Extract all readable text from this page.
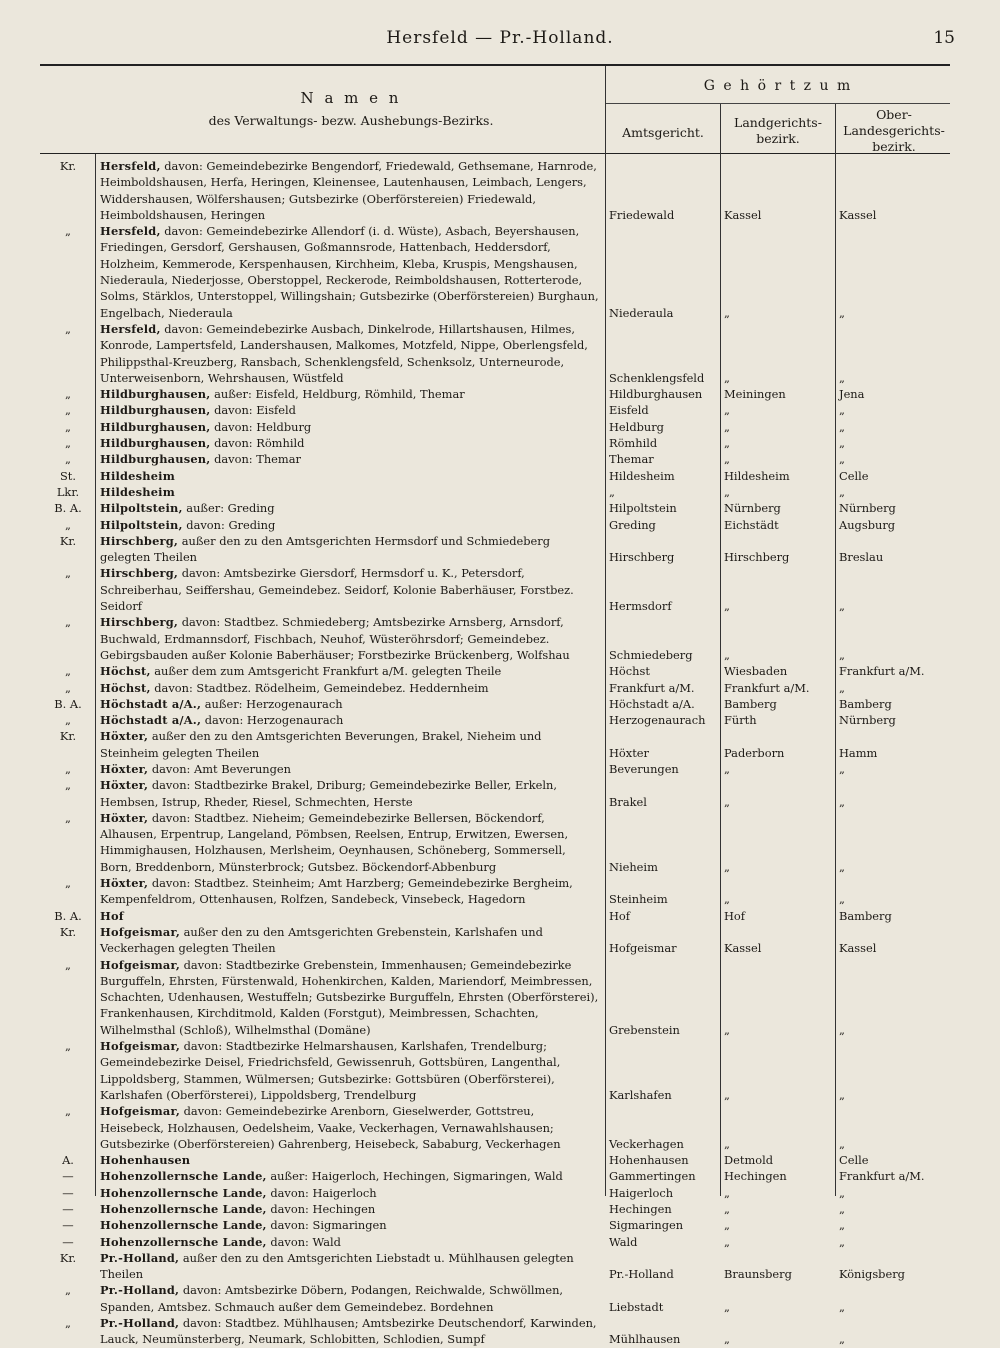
Hersfeld — Pr.-Holland.	15
N a m e n
des Verwaltungs- bezw. Aushebungs-Bezirks.
G e h ö r t z u m
Amtsgericht.
Landgerichts-bezirk.
Ober-Landesgerichts-bezirk.
Kr.	Hersfeld, davon: Gemeindebezirke Bengendorf, Friedewald, Gethsemane, Harnrode, Heimboldshausen, Herfa, Heringen, Kleinensee, Lautenhausen, Leimbach, Lengers, Widdershausen, Wölfershausen; Gutsbezirke (Oberförstereien) Friedewald, Heimboldshausen, Heringen	Friedewald	Kassel	Kassel
„	Hersfeld, davon: Gemeindebezirke Allendorf (i. d. Wüste), Asbach, Beyershausen, Friedingen, Gersdorf, Gershausen, Goßmannsrode, Hattenbach, Heddersdorf, Holzheim, Kemmerode, Kerspenhausen, Kirchheim, Kleba, Kruspis, Mengshausen, Niederaula, Niederjosse, Oberstoppel, Reckerode, Reimboldshausen, Rotterterode, Solms, Stärklos, Unterstoppel, Willingshain; Gutsbezirke (Oberförstereien) Burghaun, Engelbach, Niederaula	Niederaula	„	„
„	Hersfeld, davon: Gemeindebezirke Ausbach, Dinkelrode, Hillartshausen, Hilmes, Konrode, Lampertsfeld, Landershausen, Malkomes, Motzfeld, Nippe, Oberlengsfeld, Philippsthal-Kreuzberg, Ransbach, Schenklengsfeld, Schenksolz, Unterneurode, Unterweisenborn, Wehrshausen, Wüstfeld	Schenklengsfeld	„	„
„	Hildburghausen, außer: Eisfeld, Heldburg, Römhild, Themar	Hildburghausen	Meiningen	Jena
„	Hildburghausen, davon: Eisfeld	Eisfeld	„	„
„	Hildburghausen, davon: Heldburg	Heldburg	„	„
„	Hildburghausen, davon: Römhild	Römhild	„	„
„	Hildburghausen, davon: Themar	Themar	„	„
St.	Hildesheim	Hildesheim	Hildesheim	Celle
Lkr.	Hildesheim	„	„	„
B. A.	Hilpoltstein, außer: Greding	Hilpoltstein	Nürnberg	Nürnberg
„	Hilpoltstein, davon: Greding	Greding	Eichstädt	Augsburg
Kr.	Hirschberg, außer den zu den Amtsgerichten Hermsdorf und Schmiedeberg gelegten Theilen	Hirschberg	Hirschberg	Breslau
„	Hirschberg, davon: Amtsbezirke Giersdorf, Hermsdorf u. K., Petersdorf, Schreiberhau, Seiffershau, Gemeindebez. Seidorf, Kolonie Baberhäuser, Forstbez. Seidorf	Hermsdorf	„	„
„	Hirschberg, davon: Stadtbez. Schmiedeberg; Amtsbezirke Arnsberg, Arnsdorf, Buchwald, Erdmannsdorf, Fischbach, Neuhof, Wüsteröhrsdorf; Gemeindebez. Gebirgsbauden außer Kolonie Baberhäuser; Forstbezirke Brückenberg, Wolfshau	Schmiedeberg	„	„
„	Höchst, außer dem zum Amtsgericht Frankfurt a/M. gelegten Theile	Höchst	Wiesbaden	Frankfurt a/M.
„	Höchst, davon: Stadtbez. Rödelheim, Gemeindebez. Heddernheim	Frankfurt a/M.	Frankfurt a/M.	„
B. A.	Höchstadt a/A., außer: Herzogenaurach	Höchstadt a/A.	Bamberg	Bamberg
„	Höchstadt a/A., davon: Herzogenaurach	Herzogenaurach	Fürth	Nürnberg
Kr.	Höxter, außer den zu den Amtsgerichten Beverungen, Brakel, Nieheim und Steinheim gelegten Theilen	Höxter	Paderborn	Hamm
„	Höxter, davon: Amt Beverungen	Beverungen	„	„
„	Höxter, davon: Stadtbezirke Brakel, Driburg; Gemeindebezirke Beller, Erkeln, Hembsen, Istrup, Rheder, Riesel, Schmechten, Herste	Brakel	„	„
„	Höxter, davon: Stadtbez. Nieheim; Gemeindebezirke Bellersen, Böckendorf, Alhausen, Erpentrup, Langeland, Pömbsen, Reelsen, Entrup, Erwitzen, Ewersen, Himmighausen, Holzhausen, Merlsheim, Oeynhausen, Schöneberg, Sommersell, Born, Breddenborn, Münsterbrock; Gutsbez. Böckendorf-Abbenburg	Nieheim	„	„
„	Höxter, davon: Stadtbez. Steinheim; Amt Harzberg; Gemeindebezirke Bergheim, Kempenfeldrom, Ottenhausen, Rolfzen, Sandebeck, Vinsebeck, Hagedorn	Steinheim	„	„
B. A.	Hof	Hof	Hof	Bamberg
Kr.	Hofgeismar, außer den zu den Amtsgerichten Grebenstein, Karlshafen und Veckerhagen gelegten Theilen	Hofgeismar	Kassel	Kassel
„	Hofgeismar, davon: Stadtbezirke Grebenstein, Immenhausen; Gemeindebezirke Burguffeln, Ehrsten, Fürstenwald, Hohenkirchen, Kalden, Mariendorf, Meimbressen, Schachten, Udenhausen, Westuffeln; Gutsbezirke Burguffeln, Ehrsten (Oberförsterei), Frankenhausen, Kirchditmold, Kalden (Forstgut), Meimbressen, Schachten, Wilhelmsthal (Schloß), Wilhelmsthal (Domäne)	Grebenstein	„	„
„	Hofgeismar, davon: Stadtbezirke Helmarshausen, Karlshafen, Trendelburg; Gemeindebezirke Deisel, Friedrichsfeld, Gewissenruh, Gottsbüren, Langenthal, Lippoldsberg, Stammen, Wülmersen; Gutsbezirke: Gottsbüren (Oberförsterei), Karlshafen (Oberförsterei), Lippoldsberg, Trendelburg	Karlshafen	„	„
„	Hofgeismar, davon: Gemeindebezirke Arenborn, Gieselwerder, Gottstreu, Heisebeck, Holzhausen, Oedelsheim, Vaake, Veckerhagen, Vernawahlshausen; Gutsbezirke (Oberförstereien) Gahrenberg, Heisebeck, Sababurg, Veckerhagen	Veckerhagen	„	„
A.	Hohenhausen	Hohenhausen	Detmold	Celle
—	Hohenzollernsche Lande, außer: Haigerloch, Hechingen, Sigmaringen, Wald	Gammertingen	Hechingen	Frankfurt a/M.
—	Hohenzollernsche Lande, davon: Haigerloch	Haigerloch	„	„
—	Hohenzollernsche Lande, davon: Hechingen	Hechingen	„	„
—	Hohenzollernsche Lande, davon: Sigmaringen	Sigmaringen	„	„
—	Hohenzollernsche Lande, davon: Wald	Wald	„	„
Kr.	Pr.-Holland, außer den zu den Amtsgerichten Liebstadt u. Mühlhausen gelegten Theilen	Pr.-Holland	Braunsberg	Königsberg
„	Pr.-Holland, davon: Amtsbezirke Döbern, Podangen, Reichwalde, Schwöllmen, Spanden, Amtsbez. Schmauch außer dem Gemeindebez. Bordehnen	Liebstadt	„	„
„	Pr.-Holland, davon: Stadtbez. Mühlhausen; Amtsbezirke Deutschendorf, Karwinden, Lauck, Neumünsterberg, Neumark, Schlobitten, Schlodien, Sumpf	Mühlhausen	„	„
